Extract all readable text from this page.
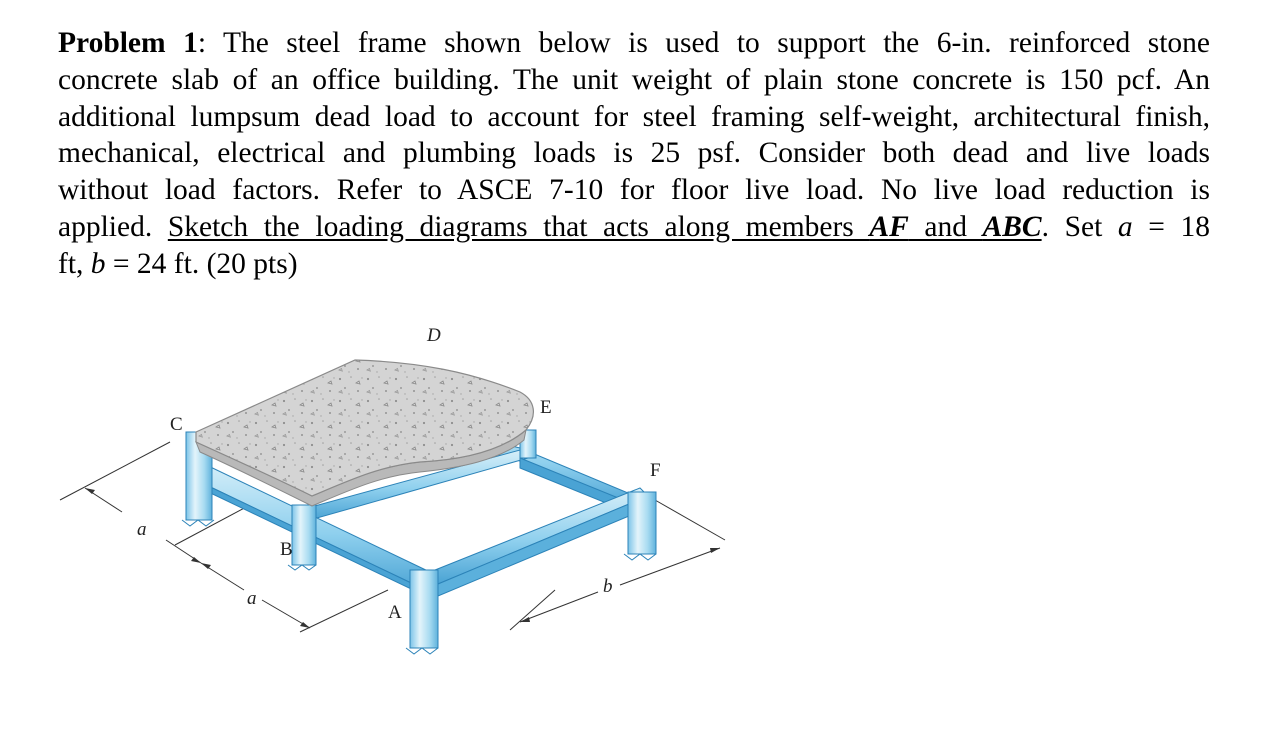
Problem 1: The steel frame shown below is used to support the 6-in. reinforced stone
concrete slab of an office building. The unit weight of plain stone concrete is 150 pcf. An
additional lumpsum dead load to account for steel framing self-weight, architectural finish,
mechanical, electrical and plumbing loads is 25 psf. Consider both dead and live loads
without load factors. Refer to ASCE 7-10 for floor live load. No live load reduction is
applied. Sketch the loading diagrams that acts along members AF and ABC. Set a = 18
ft, b = 24 ft. (20 pts)
D
E
C
F
B
A
a
a
b
